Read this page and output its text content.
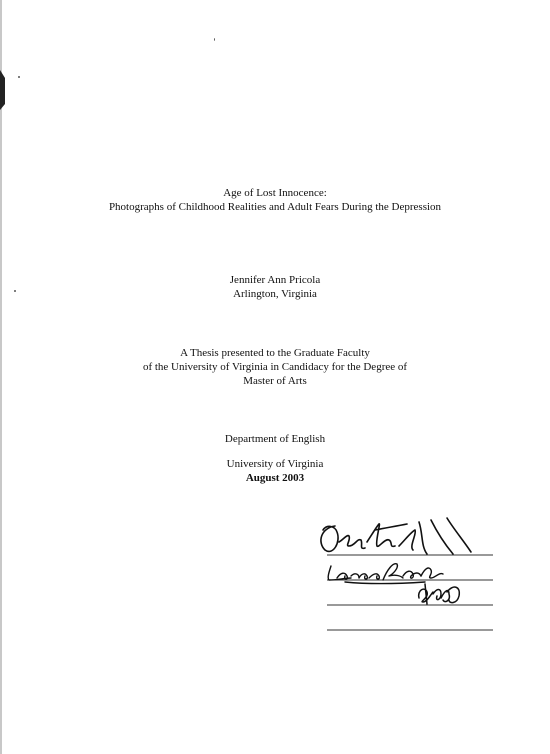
Age of Lost Innocence:
Photographs of Childhood Realities and Adult Fears During the Depression
Jennifer Ann Pricola
Arlington, Virginia
A Thesis presented to the Graduate Faculty
of the University of Virginia in Candidacy for the Degree of
Master of Arts
Department of English
University of Virginia
August 2003
